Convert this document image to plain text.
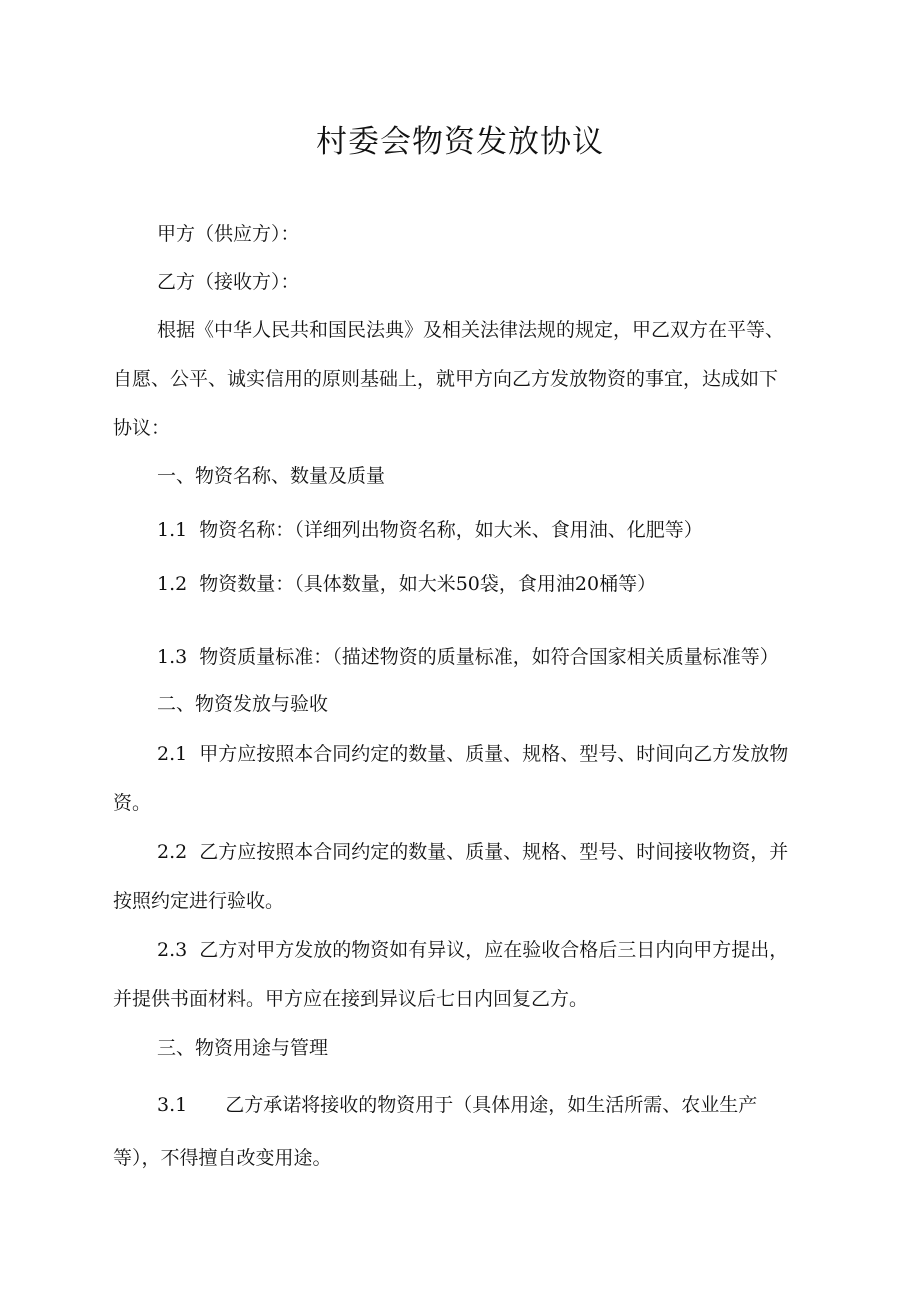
村委会物资发放协议

甲方（供应方）：

乙方（接收方）：

根据《中华人民共和国民法典》及相关法律法规的规定，甲乙双方在平等、

自愿、公平、诚实信用的原则基础上，就甲方向乙方发放物资的事宜，达成如下

协议：

一、物资名称、数量及质量

1.1 物资名称：（详细列出物资名称，如大米、食用油、化肥等）

1.2 物资数量：（具体数量，如大米50袋，食用油20桶等）

1.3 物资质量标准：（描述物资的质量标准，如符合国家相关质量标准等）

二、物资发放与验收

2.1 甲方应按照本合同约定的数量、质量、规格、型号、时间向乙方发放物

资。

2.2 乙方应按照本合同约定的数量、质量、规格、型号、时间接收物资，并

按照约定进行验收。

2.3 乙方对甲方发放的物资如有异议，应在验收合格后三日内向甲方提出，

并提供书面材料。甲方应在接到异议后七日内回复乙方。

三、物资用途与管理

3.1 乙方承诺将接收的物资用于（具体用途，如生活所需、农业生产

等），不得擅自改变用途。
